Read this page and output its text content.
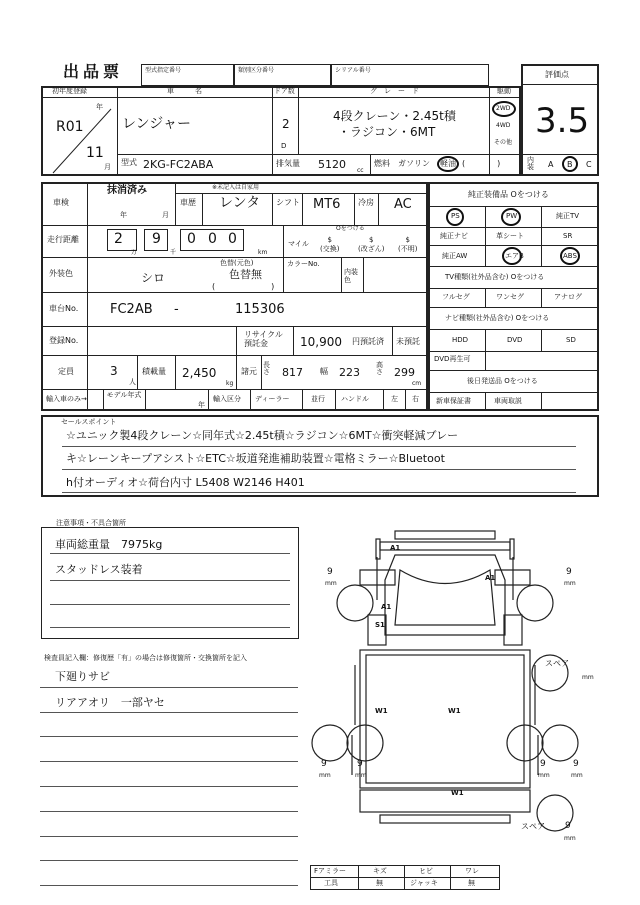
出品票	型式指定番号	類別区分番号	シリアル番号	評価点
3.5
初年度登録
年
月
R01
11
車　　　名
レンジャー
ドア数
2
D
グ　レ　ー　ド
4段クレーン・2.45t積
・ラジコン・6MT
駆動
2WD
4WD
その他
型式 2KG-FC2ABA	排気量 5120 cc
燃料 ガソリン 軽油 (　　　　)	内装 A B C
車検
抹消済み
年	月
※未記入は自家用
車歴 レンタ シフト MT6 冷房 AC
走行距離	2 9 0 0 0
万	千	km
マイル
Oをつける
$
(交換)
$
(改ざん)
$
(不明)
外装色	シロ
色替(元色)
色替無
(　　　　　　　)
カラーNo.
内装色
車台No. FC2AB -	115306
登録No.
リサイクル預託金	10,900 円預託済 未預託
定員	3
人
積載量 2,450
kg
諸元
長さ 817 幅 223
高さ 299
cm
輸入車のみ→	モデル年式
年
輸入区分 ディーラー	並行 ハンドル	左 右
純正装備品 Oをつける
PS	PW	純正TV
純正ナビ	革シート	SR
純正AW	エアB	ABS
TV種類(社外品含む) Oをつける
フルセグ	ワンセグ	アナログ
ナビ種類(社外品含む) Oをつける
HDD	DVD	SD
DVD再生可
後日発送品 Oをつける
新車保証書	車両取説
セールスポイント
☆ユニック製4段クレーン☆同年式☆2.45t積☆ラジコン☆6MT☆衝突軽減ブレー
キ☆レーンキープアシスト☆ETC☆坂道発進補助装置☆電格ミラー☆Bluetoot
h付オーディオ☆荷台内寸 L5408 W2146 H401
注意事項・不具合箇所
車両総重量　7975kg
スタッドレス装着
検査員記入欄：修復歴「有」の場合は修復箇所・交換箇所を記入
下廻りサビ
リアアオリ　一部ヤセ
A1
A1
A1
S1
W1	W1
W1
9
mm
9
mm
9
mm
9
mm
9
mm
9
mm
スペア
mm
スペア 9
mm
Fアミラー	キズ	ヒビ	ワレ
工具	無	ジャッキ	無
